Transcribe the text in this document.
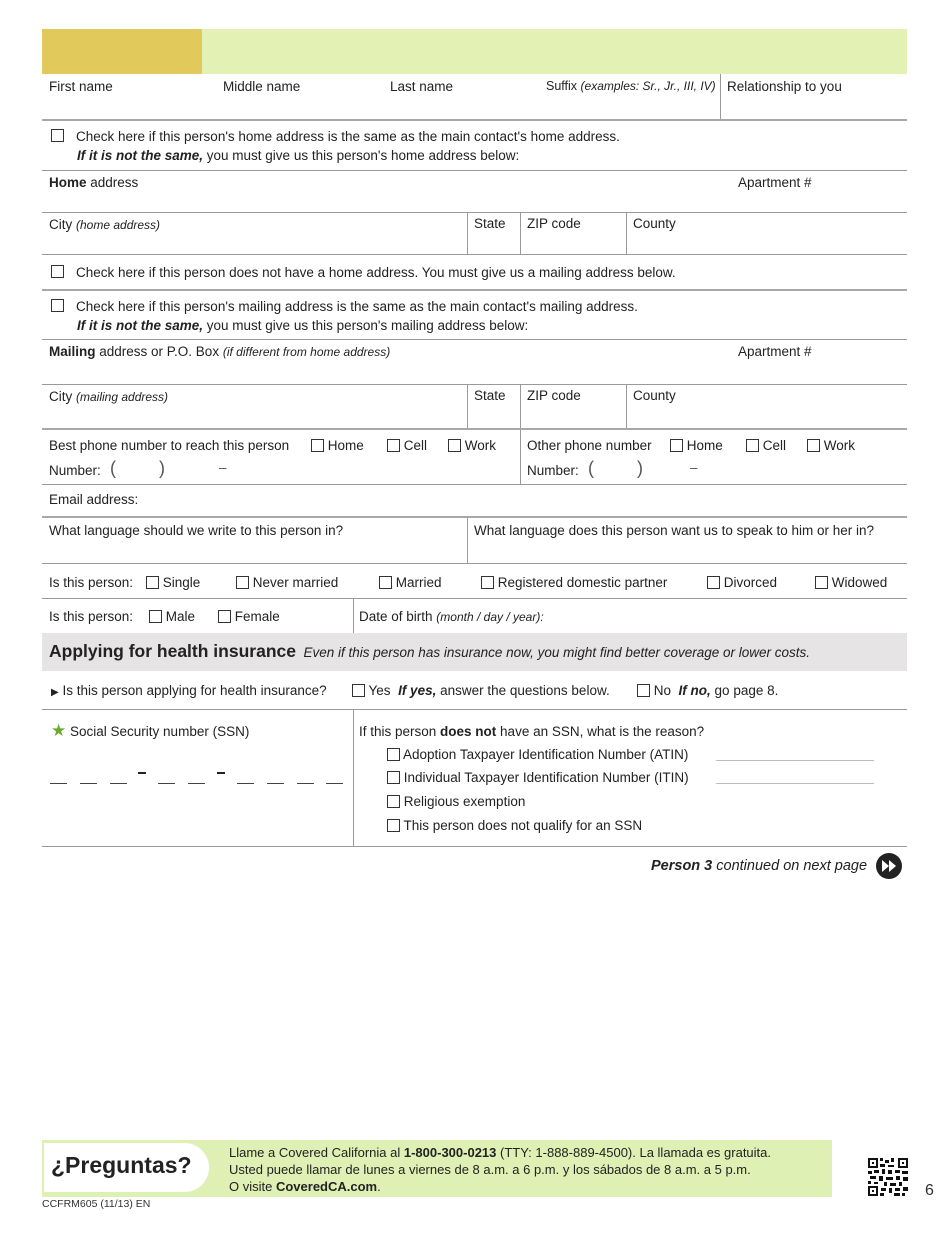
First name	Middle name	Last name	Suffix (examples: Sr., Jr., III, IV) Relationship to you
Check here if this person's home address is the same as the main contact's home address.
If it is not the same, you must give us this person's home address below:
Home address	Apartment #
City (home address)	State ZIP code	County
Check here if this person does not have a home address. You must give us a mailing address below.
Check here if this person's mailing address is the same as the main contact's mailing address.
If it is not the same, you must give us this person's mailing address below:
Mailing address or P.O. Box (if different from home address)	Apartment #
City (mailing address)	State ZIP code	County
Best phone number to reach this person	Home	Cell	Work
Number: ( )	–
Other phone number	Home	Cell	Work
Number: ( )	–
Email address:
What language should we write to this person in?	What language does this person want us to speak to him or her in?
Is this person:	Single	Never married	Married	Registered domestic partner	Divorced	Widowed
Is this person:	Male	Female	Date of birth (month / day / year):
Applying for health insurance Even if this person has insurance now, you might find better coverage or lower costs.
▶ Is this person applying for health insurance?	Yes If yes, answer the questions below.	No If no, go page 8.
★ Social Security number (SSN)	If this person does not have an SSN, what is the reason?
Adoption Taxpayer Identification Number (ATIN)
Individual Taxpayer Identification Number (ITIN)
Religious exemption
This person does not qualify for an SSN
Person 3 continued on next page
¿Preguntas?	Llame a Covered California al 1-800-300-0213 (TTY: 1-888-889-4500). La llamada es gratuita.
Usted puede llamar de lunes a viernes de 8 a.m. a 6 p.m. y los sábados de 8 a.m. a 5 p.m.
O visite CoveredCA.com.
CCFRM605 (11/13) EN
6
